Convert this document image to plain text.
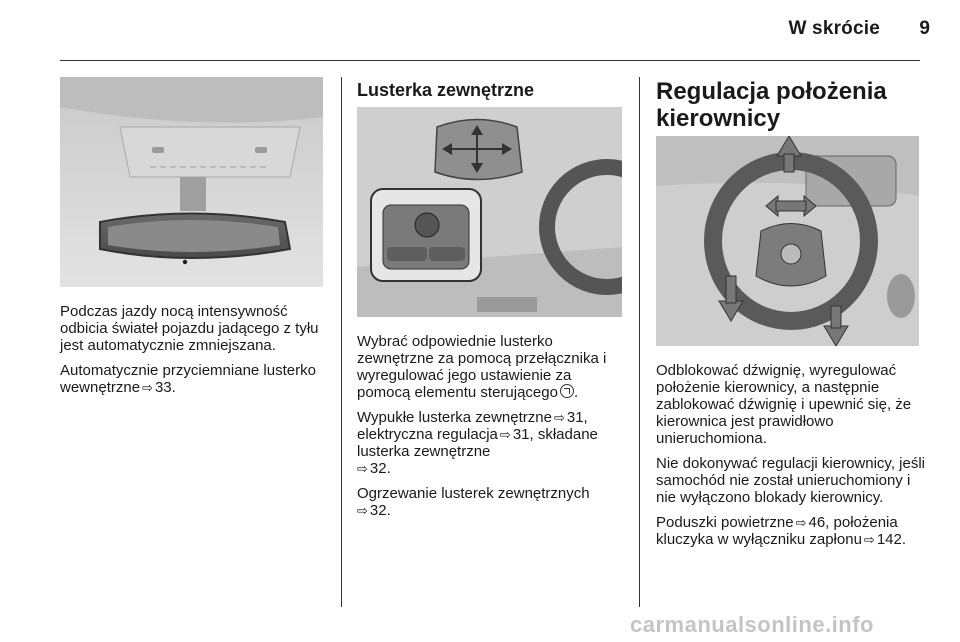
W skrócie	9

Podczas jazdy nocą intensywność odbicia świateł pojazdu jadącego z tyłu jest automatycznie zmniejszana.

Automatycznie przyciemniane lusterko wewnętrzne ⇨ 33.

Lusterka zewnętrzne

Wybrać odpowiednie lusterko zewnętrzne za pomocą przełącznika i wyregulować jego ustawienie za pomocą elementu sterującego .

Wypukłe lusterka zewnętrzne ⇨ 31, elektryczna regulacja ⇨ 31, składane lusterka zewnętrzne
⇨ 32.

Ogrzewanie lusterek zewnętrznych
⇨ 32.

Regulacja położenia kierownicy

Odblokować dźwignię, wyregulować położenie kierownicy, a następnie zablokować dźwignię i upewnić się, że kierownica jest prawidłowo unieruchomiona.

Nie dokonywać regulacji kierownicy, jeśli samochód nie został unieruchomiony i nie wyłączono blokady kierownicy.

Poduszki powietrzne ⇨ 46, położenia kluczyka w wyłączniku zapłonu ⇨ 142.

carmanualsonline.info
